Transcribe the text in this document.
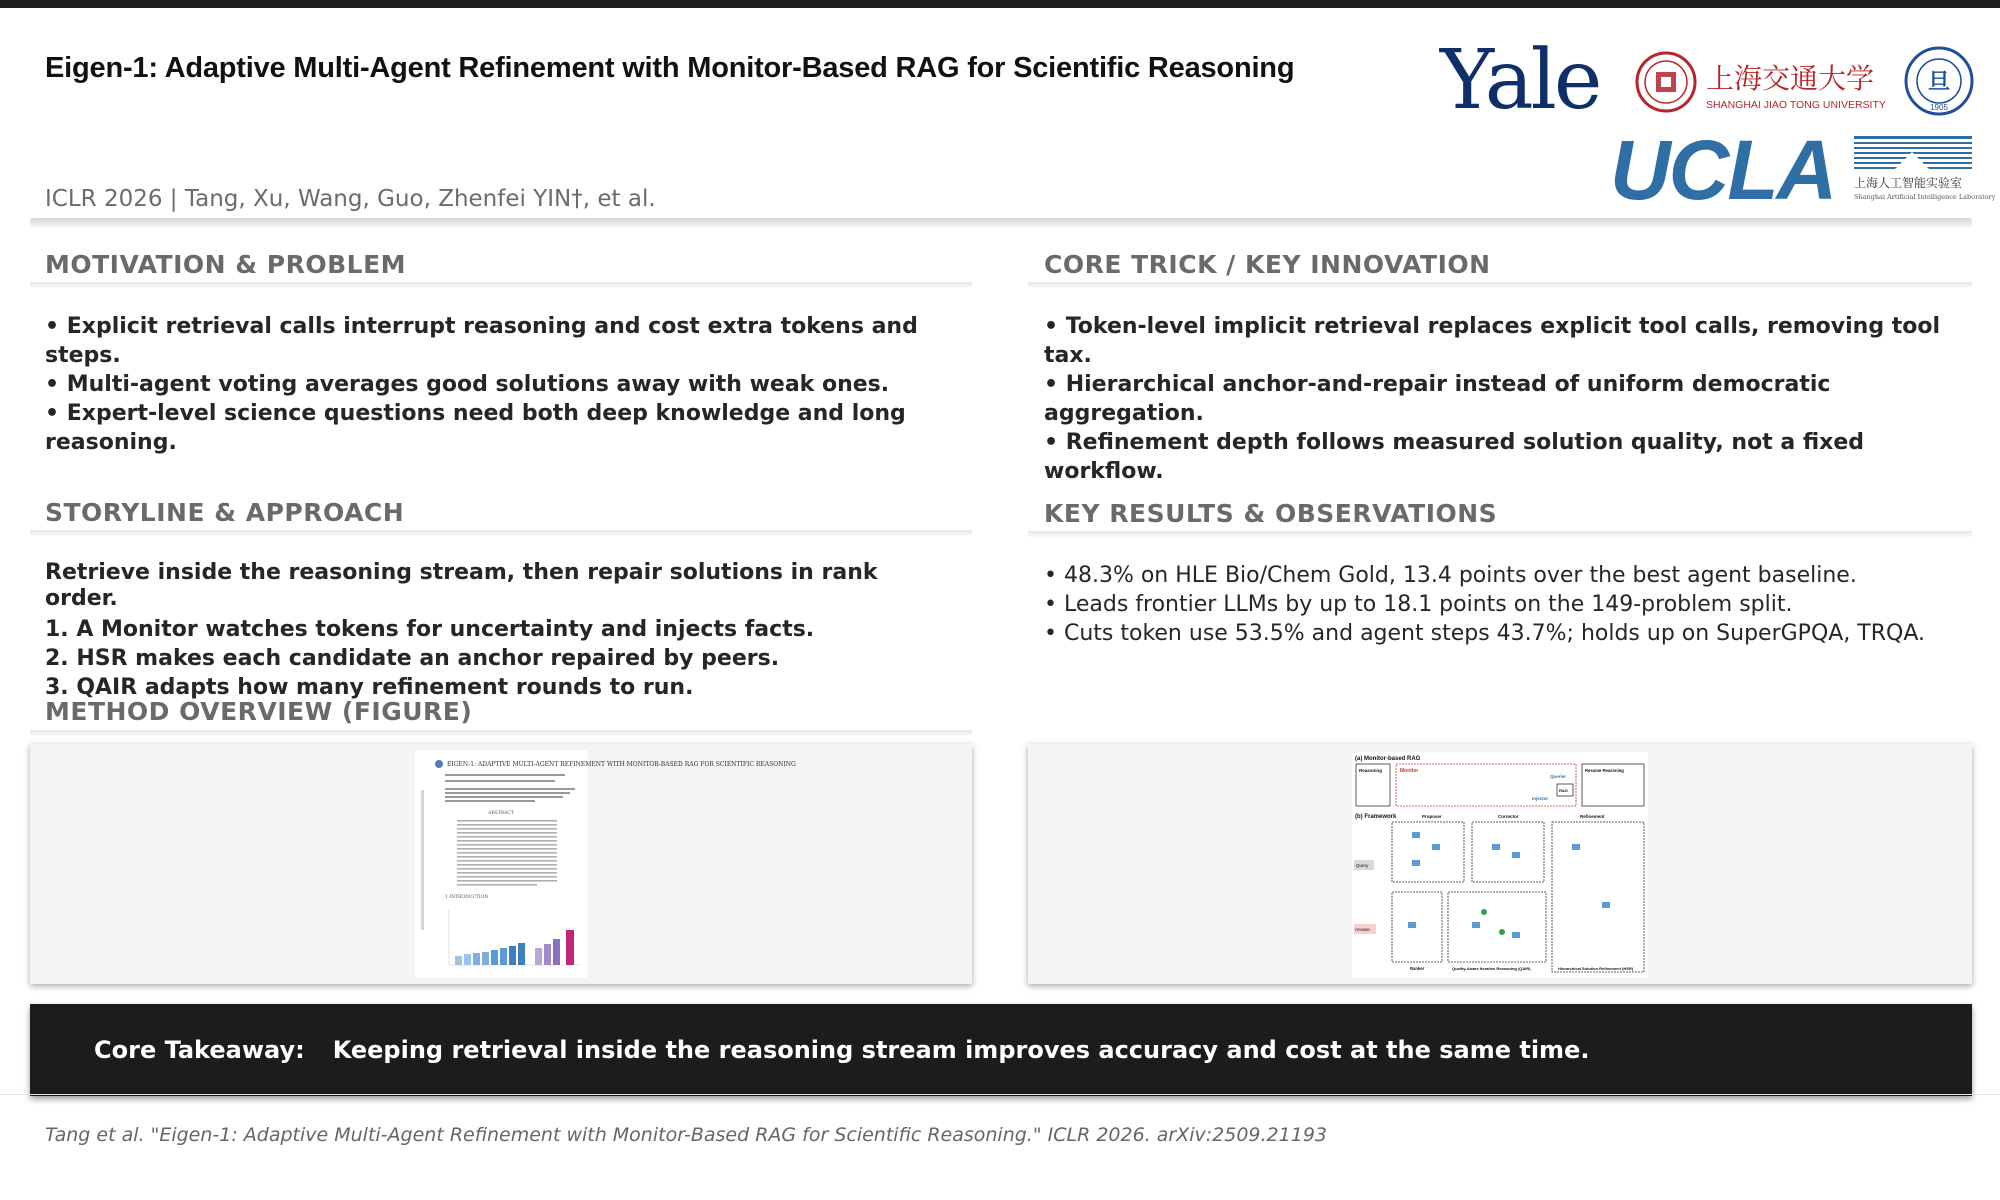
Eigen-1: Adaptive Multi-Agent Refinement with Monitor-Based RAG for Scientific Reasoning
ICLR 2026 | Tang, Xu, Wang, Guo, Zhenfei YIN†, et al.
Yale	上海交通大学
SHANGHAI JIAO TONG UNIVERSITY
旦
1905
UCLA 上海人工智能实验室
Shanghai Artificial Intelligence Laboratory
MOTIVATION & PROBLEM

• Explicit retrieval calls interrupt reasoning and cost extra tokens and steps.

• Multi-agent voting averages good solutions away with weak ones.

• Expert-level science questions need both deep knowledge and long reasoning.

CORE TRICK / KEY INNOVATION

• Token-level implicit retrieval replaces explicit tool calls, removing tool tax.

• Hierarchical anchor-and-repair instead of uniform democratic aggregation.

• Refinement depth follows measured solution quality, not a fixed workflow.

STORYLINE & APPROACH

Retrieve inside the reasoning stream, then repair solutions in rank order.

1. A Monitor watches tokens for uncertainty and injects facts.

2. HSR makes each candidate an anchor repaired by peers.

3. QAIR adapts how many refinement rounds to run.

KEY RESULTS & OBSERVATIONS

• 48.3% on HLE Bio/Chem Gold, 13.4 points over the best agent baseline.

• Leads frontier LLMs by up to 18.1 points on the 149-problem split.

• Cuts token use 53.5% and agent steps 43.7%; holds up on SuperGPQA, TRQA.

METHOD OVERVIEW (FIGURE)
EIGEN-1: ADAPTIVE MULTI-AGENT REFINEMENT WITH MONITOR-BASED RAG FOR SCIENTIFIC REASONING
ABSTRACT
1 INTRODUCTION
(a) Monitor-based RAG
Reasoning	Monitor
Querier
Injector
RAG
Resume Reasoning
(b) Framework	Proposer	Corrector	Refinement
Query
Answer
Ranker	Quality-Aware Iterative Reasoning (QAIR)	Hierarchical Solution Refinement (HSR)
Core Takeaway: Keeping retrieval inside the reasoning stream improves accuracy and cost at the same time.
Tang et al. "Eigen-1: Adaptive Multi-Agent Refinement with Monitor-Based RAG for Scientific Reasoning." ICLR 2026. arXiv:2509.21193
